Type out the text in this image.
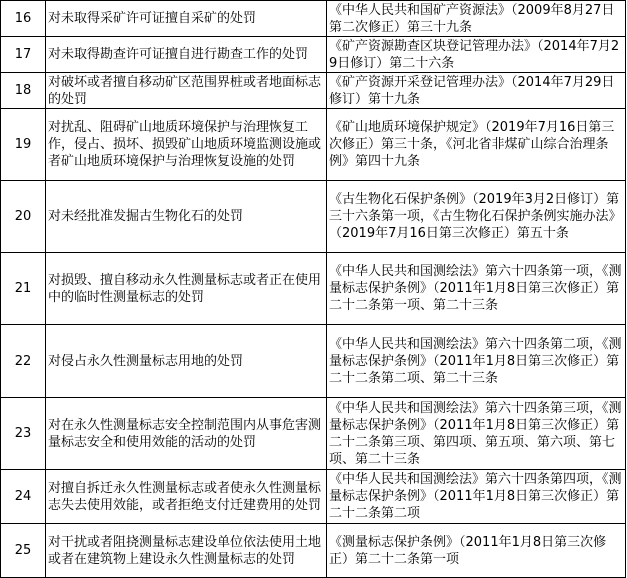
16	对未取得采矿许可证擅自采矿的处罚	《中华人民共和国矿产资源法》（2009年8月27日第二次修正）第三十九条
17	对未取得勘查许可证擅自进行勘查工作的处罚	《矿产资源勘查区块登记管理办法》（2014年7月29日修订）第二十六条
18	对破坏或者擅自移动矿区范围界桩或者地面标志的处罚	《矿产资源开采登记管理办法》（2014年7月29日修订）第十九条
19	对扰乱、阻碍矿山地质环境保护与治理恢复工作，侵占、损坏、损毁矿山地质环境监测设施或者矿山地质环境保护与治理恢复设施的处罚	《矿山地质环境保护规定》（2019年7月16日第三次修正）第三十条，《河北省非煤矿山综合治理条例》第四十九条
20	对未经批准发掘古生物化石的处罚	《古生物化石保护条例》（2019年3月2日修订）第三十六条第一项，《古生物化石保护条例实施办法》（2019年7月16日第三次修正）第五十条
21	对损毁、擅自移动永久性测量标志或者正在使用中的临时性测量标志的处罚	《中华人民共和国测绘法》第六十四条第一项，《测量标志保护条例》（2011年1月8日第三次修正）第二十二条第一项、第二十三条
22	对侵占永久性测量标志用地的处罚	《中华人民共和国测绘法》第六十四条第二项，《测量标志保护条例》（2011年1月8日第三次修正）第二十二条第二项、第二十三条
23	对在永久性测量标志安全控制范围内从事危害测量标志安全和使用效能的活动的处罚	《中华人民共和国测绘法》第六十四条第三项，《测量标志保护条例》（2011年1月8日第三次修正）第二十二条第三项、第四项、第五项、第六项、第七项、第二十三条
24	对擅自拆迁永久性测量标志或者使永久性测量标志失去使用效能，或者拒绝支付迁建费用的处罚	《中华人民共和国测绘法》第六十四条第四项，《测量标志保护条例》（2011年1月8日第三次修正）第二十二条第二项
25	对干扰或者阻挠测量标志建设单位依法使用土地或者在建筑物上建设永久性测量标志的处罚	《测量标志保护条例》（2011年1月8日第三次修正）第二十二条第一项
